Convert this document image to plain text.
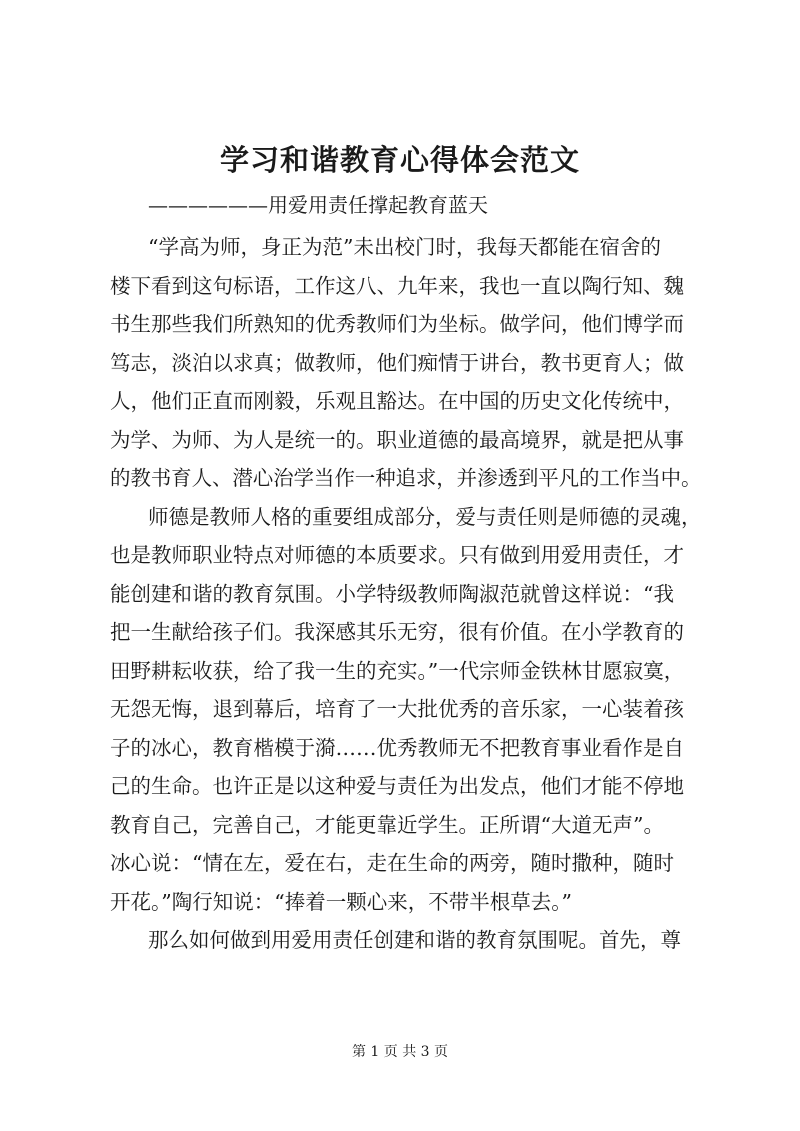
学习和谐教育心得体会范文
——————用爱用责任撑起教育蓝天
“学高为师，身正为范”未出校门时，我每天都能在宿舍的
楼下看到这句标语，工作这八、九年来，我也一直以陶行知、魏
书生那些我们所熟知的优秀教师们为坐标。做学问，他们博学而
笃志，淡泊以求真；做教师，他们痴情于讲台，教书更育人；做
人，他们正直而刚毅，乐观且豁达。在中国的历史文化传统中，
为学、为师、为人是统一的。职业道德的最高境界，就是把从事
的教书育人、潜心治学当作一种追求，并渗透到平凡的工作当中。
师德是教师人格的重要组成部分，爱与责任则是师德的灵魂，
也是教师职业特点对师德的本质要求。只有做到用爱用责任，才
能创建和谐的教育氛围。小学特级教师陶淑范就曾这样说：“我
把一生献给孩子们。我深感其乐无穷，很有价值。在小学教育的
田野耕耘收获，给了我一生的充实。”一代宗师金铁林甘愿寂寞，
无怨无悔，退到幕后，培育了一大批优秀的音乐家，一心装着孩
子的冰心，教育楷模于漪……优秀教师无不把教育事业看作是自
己的生命。也许正是以这种爱与责任为出发点，他们才能不停地
教育自己，完善自己，才能更靠近学生。正所谓“大道无声”。
冰心说：“情在左，爱在右，走在生命的两旁，随时撒种，随时
开花。”陶行知说：“捧着一颗心来，不带半根草去。”
那么如何做到用爱用责任创建和谐的教育氛围呢。首先，尊
第 1 页 共 3 页
